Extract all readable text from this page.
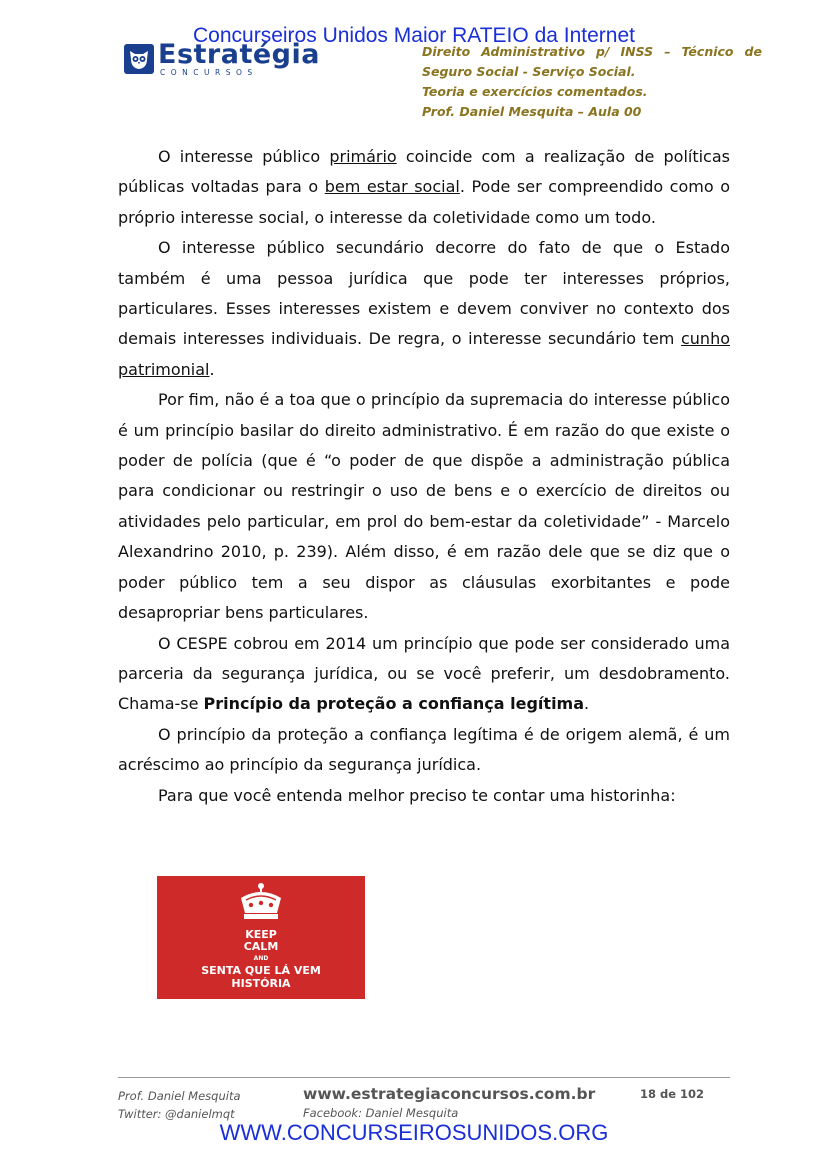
Concurseiros Unidos Maior RATEIO da Internet
Estratégia
CONCURSOS
Direito Administrativo p/ INSS – Técnico de
Seguro Social - Serviço Social.
Teoria e exercícios comentados.
Prof. Daniel Mesquita – Aula 00

O interesse público primário coincide com a realização de políticas públicas voltadas para o bem estar social. Pode ser compreendido como o próprio interesse social, o interesse da coletividade como um todo.

O interesse público secundário decorre do fato de que o Estado também é uma pessoa jurídica que pode ter interesses próprios, particulares. Esses interesses existem e devem conviver no contexto dos demais interesses individuais. De regra, o interesse secundário tem cunho patrimonial.

Por fim, não é a toa que o princípio da supremacia do interesse público é um princípio basilar do direito administrativo. É em razão do que existe o poder de polícia (que é “o poder de que dispõe a administração pública para condicionar ou restringir o uso de bens e o exercício de direitos ou atividades pelo particular, em prol do bem-estar da coletividade” - Marcelo Alexandrino 2010, p. 239). Além disso, é em razão dele que se diz que o poder público tem a seu dispor as cláusulas exorbitantes e pode desapropriar bens particulares.

O CESPE cobrou em 2014 um princípio que pode ser considerado uma parceria da segurança jurídica, ou se você preferir, um desdobramento. Chama-se Princípio da proteção a confiança legítima.

O princípio da proteção a confiança legítima é de origem alemã, é um acréscimo ao princípio da segurança jurídica.

Para que você entenda melhor preciso te contar uma historinha:

KEEP
CALM
AND
SENTA QUE LÁ VEM
HISTÓRIA
Prof. Daniel Mesquita
Twitter: @danielmqt
www.estrategiaconcursos.com.br
Facebook: Daniel Mesquita
18 de 102
WWW.CONCURSEIROSUNIDOS.ORG
